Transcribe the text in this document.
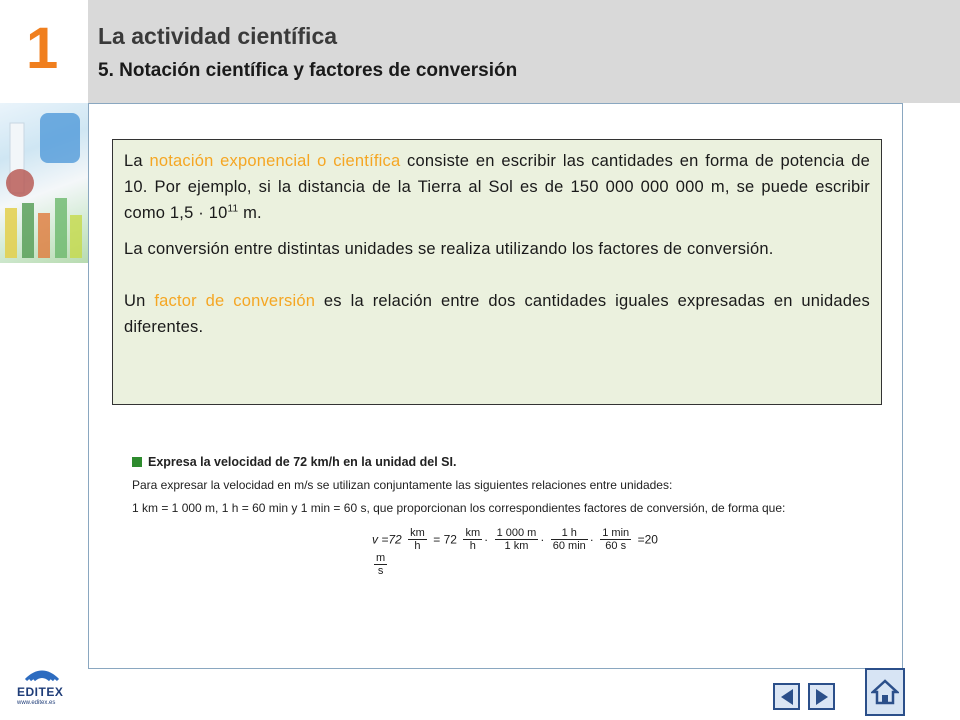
1 La actividad científica
5. Notación científica y factores de conversión

La notación exponencial o científica consiste en escribir las cantidades en forma de potencia de 10. Por ejemplo, si la distancia de la Tierra al Sol es de 150 000 000 000 m, se puede escribir como $1,5 \cdot 10^{11}$ m.

La conversión entre distintas unidades se realiza utilizando los factores de conversión.

Un factor de conversión es la relación entre dos cantidades iguales expresadas en unidades diferentes.

Expresa la velocidad de 72 km/h en la unidad del SI.

Para expresar la velocidad en m/s se utilizan conjuntamente las siguientes relaciones entre unidades:

1 km = 1 000 m, 1 h = 60 min y 1 min = 60 s, que proporcionan los correspondientes factores de conversión, de forma que:

$v =72 \frac{km}{h} = 72 \frac{km}{h} \cdot \frac{1 000 m}{1 km} \cdot \frac{1 h}{60 \min} \cdot \frac{1 \min}{60 s} =20$
$\frac{m}{s}$
EDITEX
www.editex.es
